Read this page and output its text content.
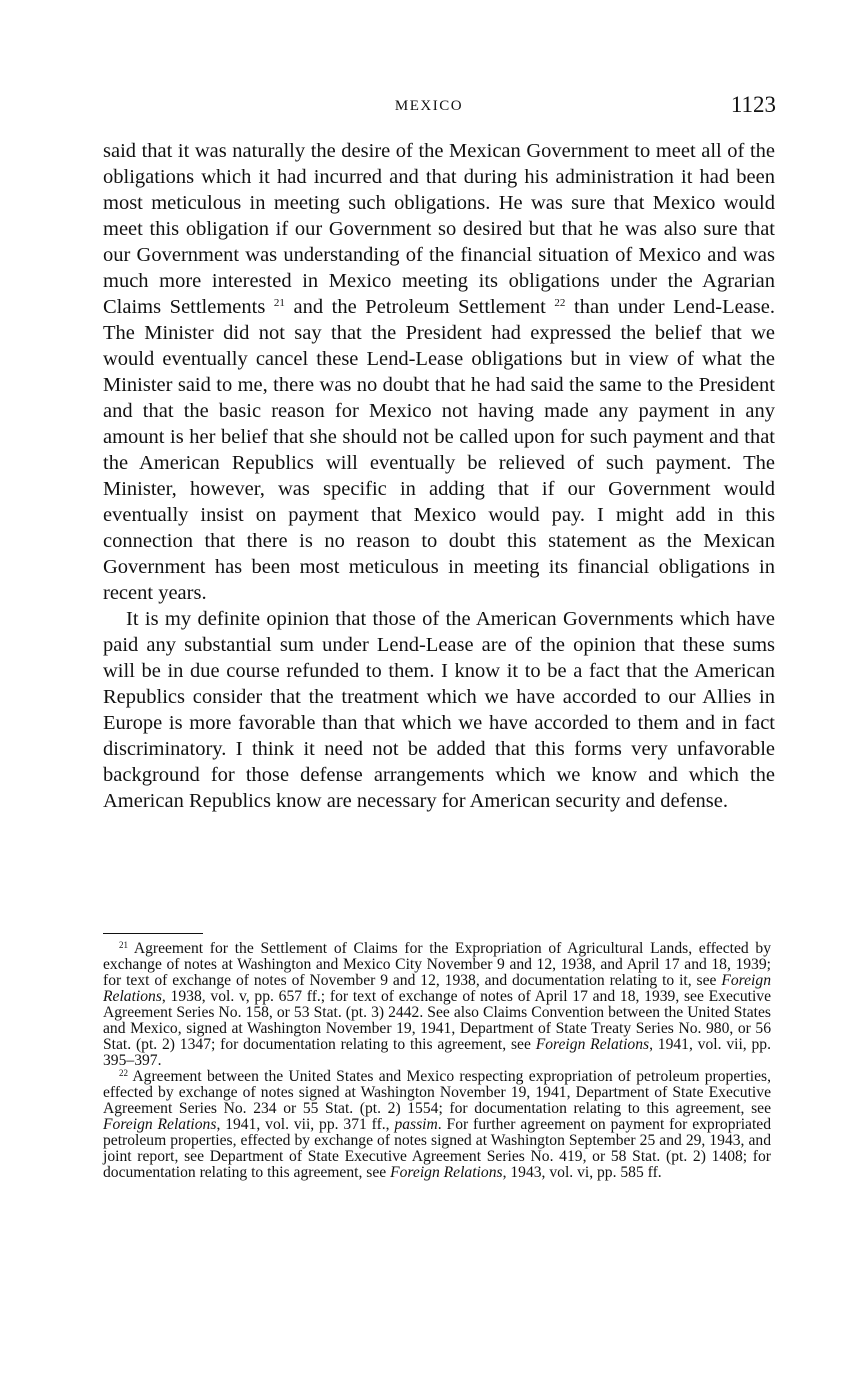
MEXICO	1123

said that it was naturally the desire of the Mexican Government to meet all of the obligations which it had incurred and that during his administration it had been most meticulous in meeting such obligations. He was sure that Mexico would meet this obligation if our Government so desired but that he was also sure that our Government was understanding of the financial situation of Mexico and was much more interested in Mexico meeting its obligations under the Agrarian Claims Settlements $^{21}$ and the Petroleum Settlement $^{22}$ than under Lend-Lease. The Minister did not say that the President had expressed the belief that we would eventually cancel these Lend-Lease obligations but in view of what the Minister said to me, there was no doubt that he had said the same to the President and that the basic reason for Mexico not having made any payment in any amount is her belief that she should not be called upon for such payment and that the American Republics will eventually be relieved of such payment. The Minister, however, was specific in adding that if our Government would eventually insist on payment that Mexico would pay. I might add in this connection that there is no reason to doubt this statement as the Mexican Government has been most meticulous in meeting its financial obligations in recent years.

It is my definite opinion that those of the American Governments which have paid any substantial sum under Lend-Lease are of the opinion that these sums will be in due course refunded to them. I know it to be a fact that the American Republics consider that the treatment which we have accorded to our Allies in Europe is more favorable than that which we have accorded to them and in fact discriminatory. I think it need not be added that this forms very unfavorable background for those defense arrangements which we know and which the American Republics know are necessary for American security and defense.

$^{21}$ Agreement for the Settlement of Claims for the Expropriation of Agricultural Lands, effected by exchange of notes at Washington and Mexico City November 9 and 12, 1938, and April 17 and 18, 1939; for text of exchange of notes of November 9 and 12, 1938, and documentation relating to it, see Foreign Relations, 1938, vol. v, pp. 657 ff.; for text of exchange of notes of April 17 and 18, 1939, see Executive Agreement Series No. 158, or 53 Stat. (pt. 3) 2442. See also Claims Convention between the United States and Mexico, signed at Washington November 19, 1941, Department of State Treaty Series No. 980, or 56 Stat. (pt. 2) 1347; for documentation relating to this agreement, see Foreign Relations, 1941, vol. vii, pp. 395–397.

$^{22}$ Agreement between the United States and Mexico respecting expropriation of petroleum properties, effected by exchange of notes signed at Washington November 19, 1941, Department of State Executive Agreement Series No. 234 or 55 Stat. (pt. 2) 1554; for documentation relating to this agreement, see Foreign Relations, 1941, vol. vii, pp. 371 ff., passim. For further agreement on payment for expropriated petroleum properties, effected by exchange of notes signed at Washington September 25 and 29, 1943, and joint report, see Department of State Executive Agreement Series No. 419, or 58 Stat. (pt. 2) 1408; for documentation relating to this agreement, see Foreign Relations, 1943, vol. vi, pp. 585 ff.
